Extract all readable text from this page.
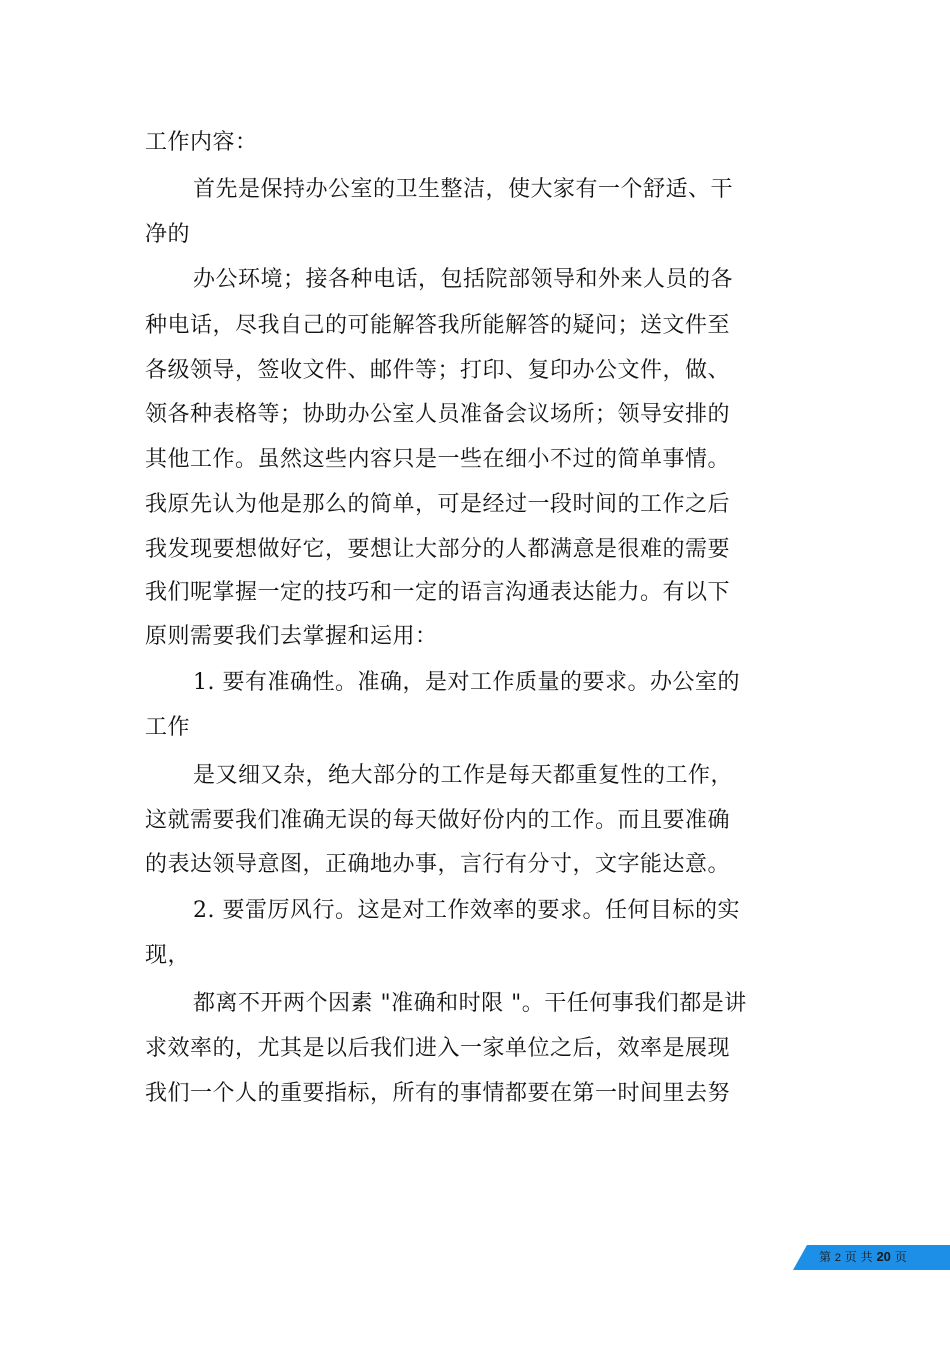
工作内容：
首先是保持办公室的卫生整洁，使大家有一个舒适、干
净的
办公环境；接各种电话，包括院部领导和外来人员的各
种电话，尽我自己的可能解答我所能解答的疑问；送文件至
各级领导，签收文件、邮件等；打印、复印办公文件，做、
领各种表格等；协助办公室人员准备会议场所；领导安排的
其他工作。虽然这些内容只是一些在细小不过的简单事情。
我原先认为他是那么的简单，可是经过一段时间的工作之后
我发现要想做好它，要想让大部分的人都满意是很难的需要
我们呢掌握一定的技巧和一定的语言沟通表达能力。有以下
原则需要我们去掌握和运用：
1. 要有准确性。准确，是对工作质量的要求。办公室的
工作
是又细又杂，绝大部分的工作是每天都重复性的工作，
这就需要我们准确无误的每天做好份内的工作。而且要准确
的表达领导意图，正确地办事，言行有分寸，文字能达意。
2. 要雷厉风行。这是对工作效率的要求。任何目标的实
现，
都离不开两个因素 "准确和时限 "。干任何事我们都是讲
求效率的，尤其是以后我们进入一家单位之后，效率是展现
我们一个人的重要指标，所有的事情都要在第一时间里去努
第 2 页 共 20 页
